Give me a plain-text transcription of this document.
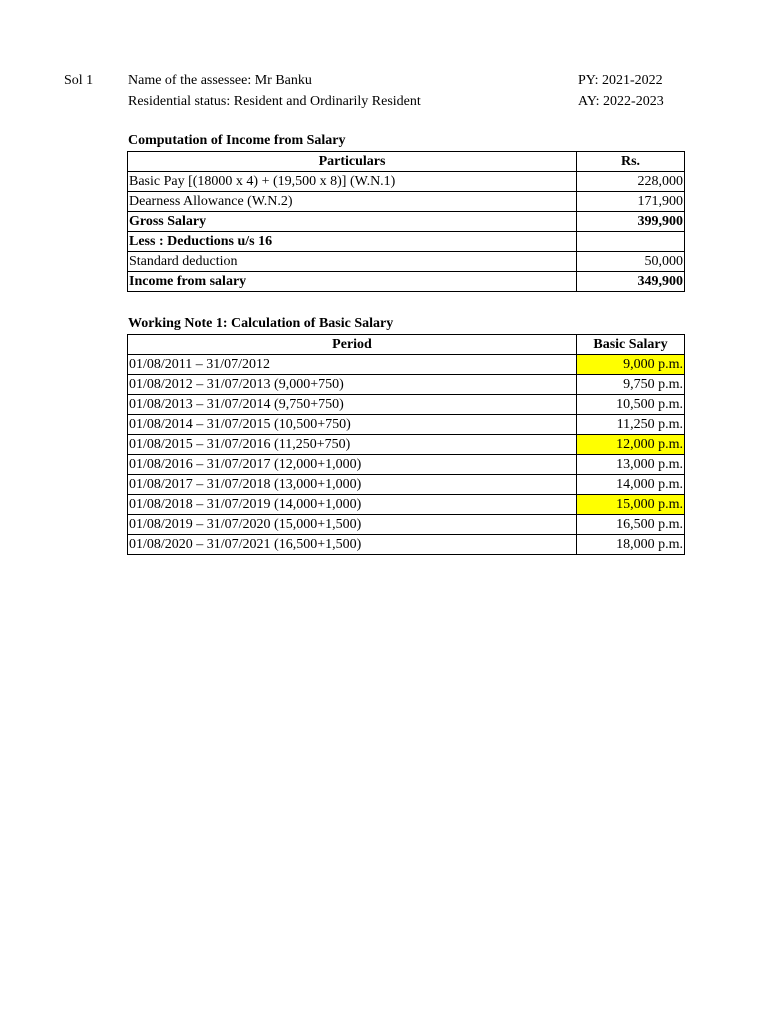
Sol 1 Name of the assessee: Mr Banku
Residential status: Resident and Ordinarily Resident
PY: 2021-2022
AY: 2022-2023
Computation of Income from Salary
Particulars	Rs.
Basic Pay [(18000 x 4) + (19,500 x 8)] (W.N.1)	228,000
Dearness Allowance (W.N.2)	171,900
Gross Salary	399,900
Less : Deductions u/s 16	
Standard deduction	50,000
Income from salary	349,900
Working Note 1: Calculation of Basic Salary
Period	Basic Salary
01/08/2011 – 31/07/2012	9,000 p.m.
01/08/2012 – 31/07/2013 (9,000+750)	9,750 p.m.
01/08/2013 – 31/07/2014 (9,750+750)	10,500 p.m.
01/08/2014 – 31/07/2015 (10,500+750)	11,250 p.m.
01/08/2015 – 31/07/2016 (11,250+750)	12,000 p.m.
01/08/2016 – 31/07/2017 (12,000+1,000)	13,000 p.m.
01/08/2017 – 31/07/2018 (13,000+1,000)	14,000 p.m.
01/08/2018 – 31/07/2019 (14,000+1,000)	15,000 p.m.
01/08/2019 – 31/07/2020 (15,000+1,500)	16,500 p.m.
01/08/2020 – 31/07/2021 (16,500+1,500)	18,000 p.m.
